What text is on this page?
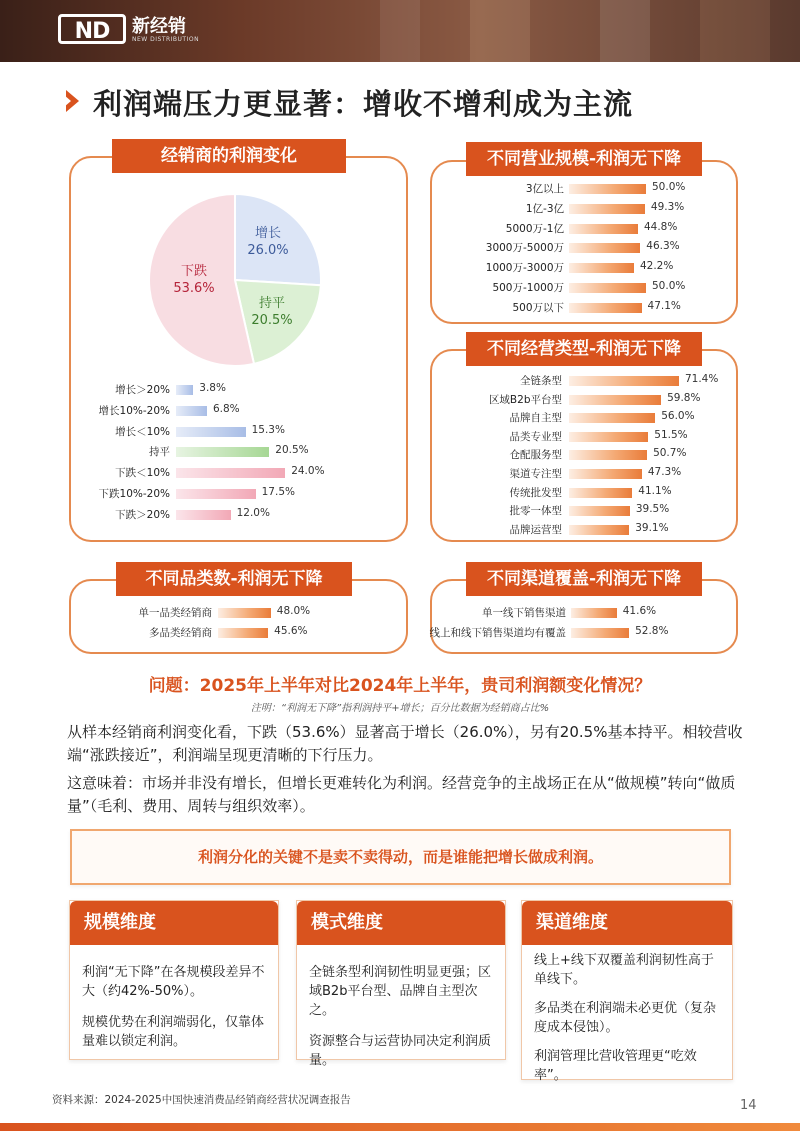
ND	新经销
NEW DISTRIBUTION
利润端压力更显著：增收不增利成为主流
经销商的利润变化
增长
26.0%
持平
20.5%
下跌
53.6%
增长＞20%	3.8%
增长10%-20%	6.8%
增长＜10%	15.3%
持平	20.5%
下跌＜10%	24.0%
下跌10%-20%	17.5%
下跌＞20%	12.0%
不同营业规模-利润无下降
3亿以上	50.0%
1亿-3亿	49.3%
5000万-1亿	44.8%
3000万-5000万	46.3%
1000万-3000万	42.2%
500万-1000万	50.0%
500万以下	47.1%
不同经营类型-利润无下降
全链条型	71.4%
区域B2b平台型	59.8%
品牌自主型	56.0%
品类专业型	51.5%
仓配服务型	50.7%
渠道专注型	47.3%
传统批发型	41.1%
批零一体型	39.5%
品牌运营型	39.1%
不同品类数-利润无下降
单一品类经销商	48.0%
多品类经销商	45.6%
不同渠道覆盖-利润无下降
单一线下销售渠道	41.6%
线上和线下销售渠道均有覆盖	52.8%
问题：2025年上半年对比2024年上半年，贵司利润额变化情况？
注明：“利润无下降”指利润持平+增长；百分比数据为经销商占比%
从样本经销商利润变化看，下跌（53.6%）显著高于增长（26.0%），另有20.5%基本持平。相较营收端“涨跌接近”，利润端呈现更清晰的下行压力。
这意味着：市场并非没有增长，但增长更难转化为利润。经营竞争的主战场正在从“做规模”转向“做质量”（毛利、费用、周转与组织效率）。
利润分化的关键不是卖不卖得动，而是谁能把增长做成利润。
规模维度
利润“无下降”在各规模段差异不大（约42%-50%）。
规模优势在利润端弱化，仅靠体量难以锁定利润。
模式维度
全链条型利润韧性明显更强；区域B2b平台型、品牌自主型次之。
资源整合与运营协同决定利润质量。
渠道维度
线上+线下双覆盖利润韧性高于单线下。
多品类在利润端未必更优（复杂度成本侵蚀）。
利润管理比营收管理更“吃效率”。
资料来源：2024-2025中国快速消费品经销商经营状况调查报告	14
